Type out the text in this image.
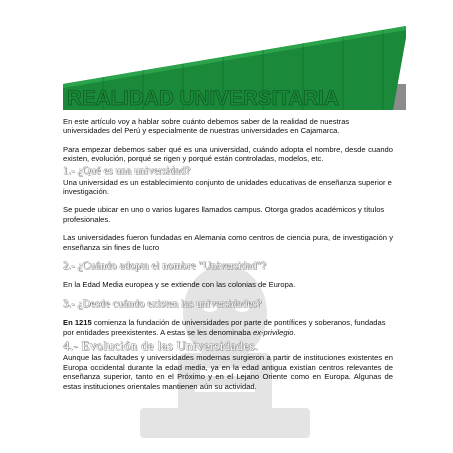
REALIDAD UNIVERSITARIA

En este artículo voy a hablar sobre cuánto debemos saber de la realidad de nuestras universidades del Perú y especialmente de nuestras universidades en Cajamarca.

Para empezar debemos saber qué es una universidad, cuándo adopta el nombre, desde cuando existen, evolución, porqué se rigen y porqué están controladas, modelos, etc.

1.- ¿Qué es una universidad?

Una universidad es un establecimiento conjunto de unidades educativas de enseñanza superior e investigación.

Se puede ubicar en uno o varios lugares llamados campus. Otorga grados académicos y títulos profesionales.

Las universidades fueron fundadas en Alemania como centros de ciencia pura, de investigación y enseñanza sin fines de lucro

2.- ¿Cuándo adopta el nombre "Universidad"?

En la Edad Media europea y se extiende con las colonias de Europa.

3.- ¿Desde cuándo existen las universidades?

En 1215 comienza la fundación de universidades por parte de pontífices y soberanos, fundadas por entidades preexistentes. A estas se les denominaba ex-privilegio.

4.- Evolución de las Universidades.

Aunque las facultades y universidades modernas surgieron a partir de instituciones existentes en Europa occidental durante la edad media, ya en la edad antigua existían centros relevantes de enseñanza superior, tanto en el Próximo y en el Lejano Oriente como en Europa. Algunas de estas instituciones orientales mantienen aún su actividad.
